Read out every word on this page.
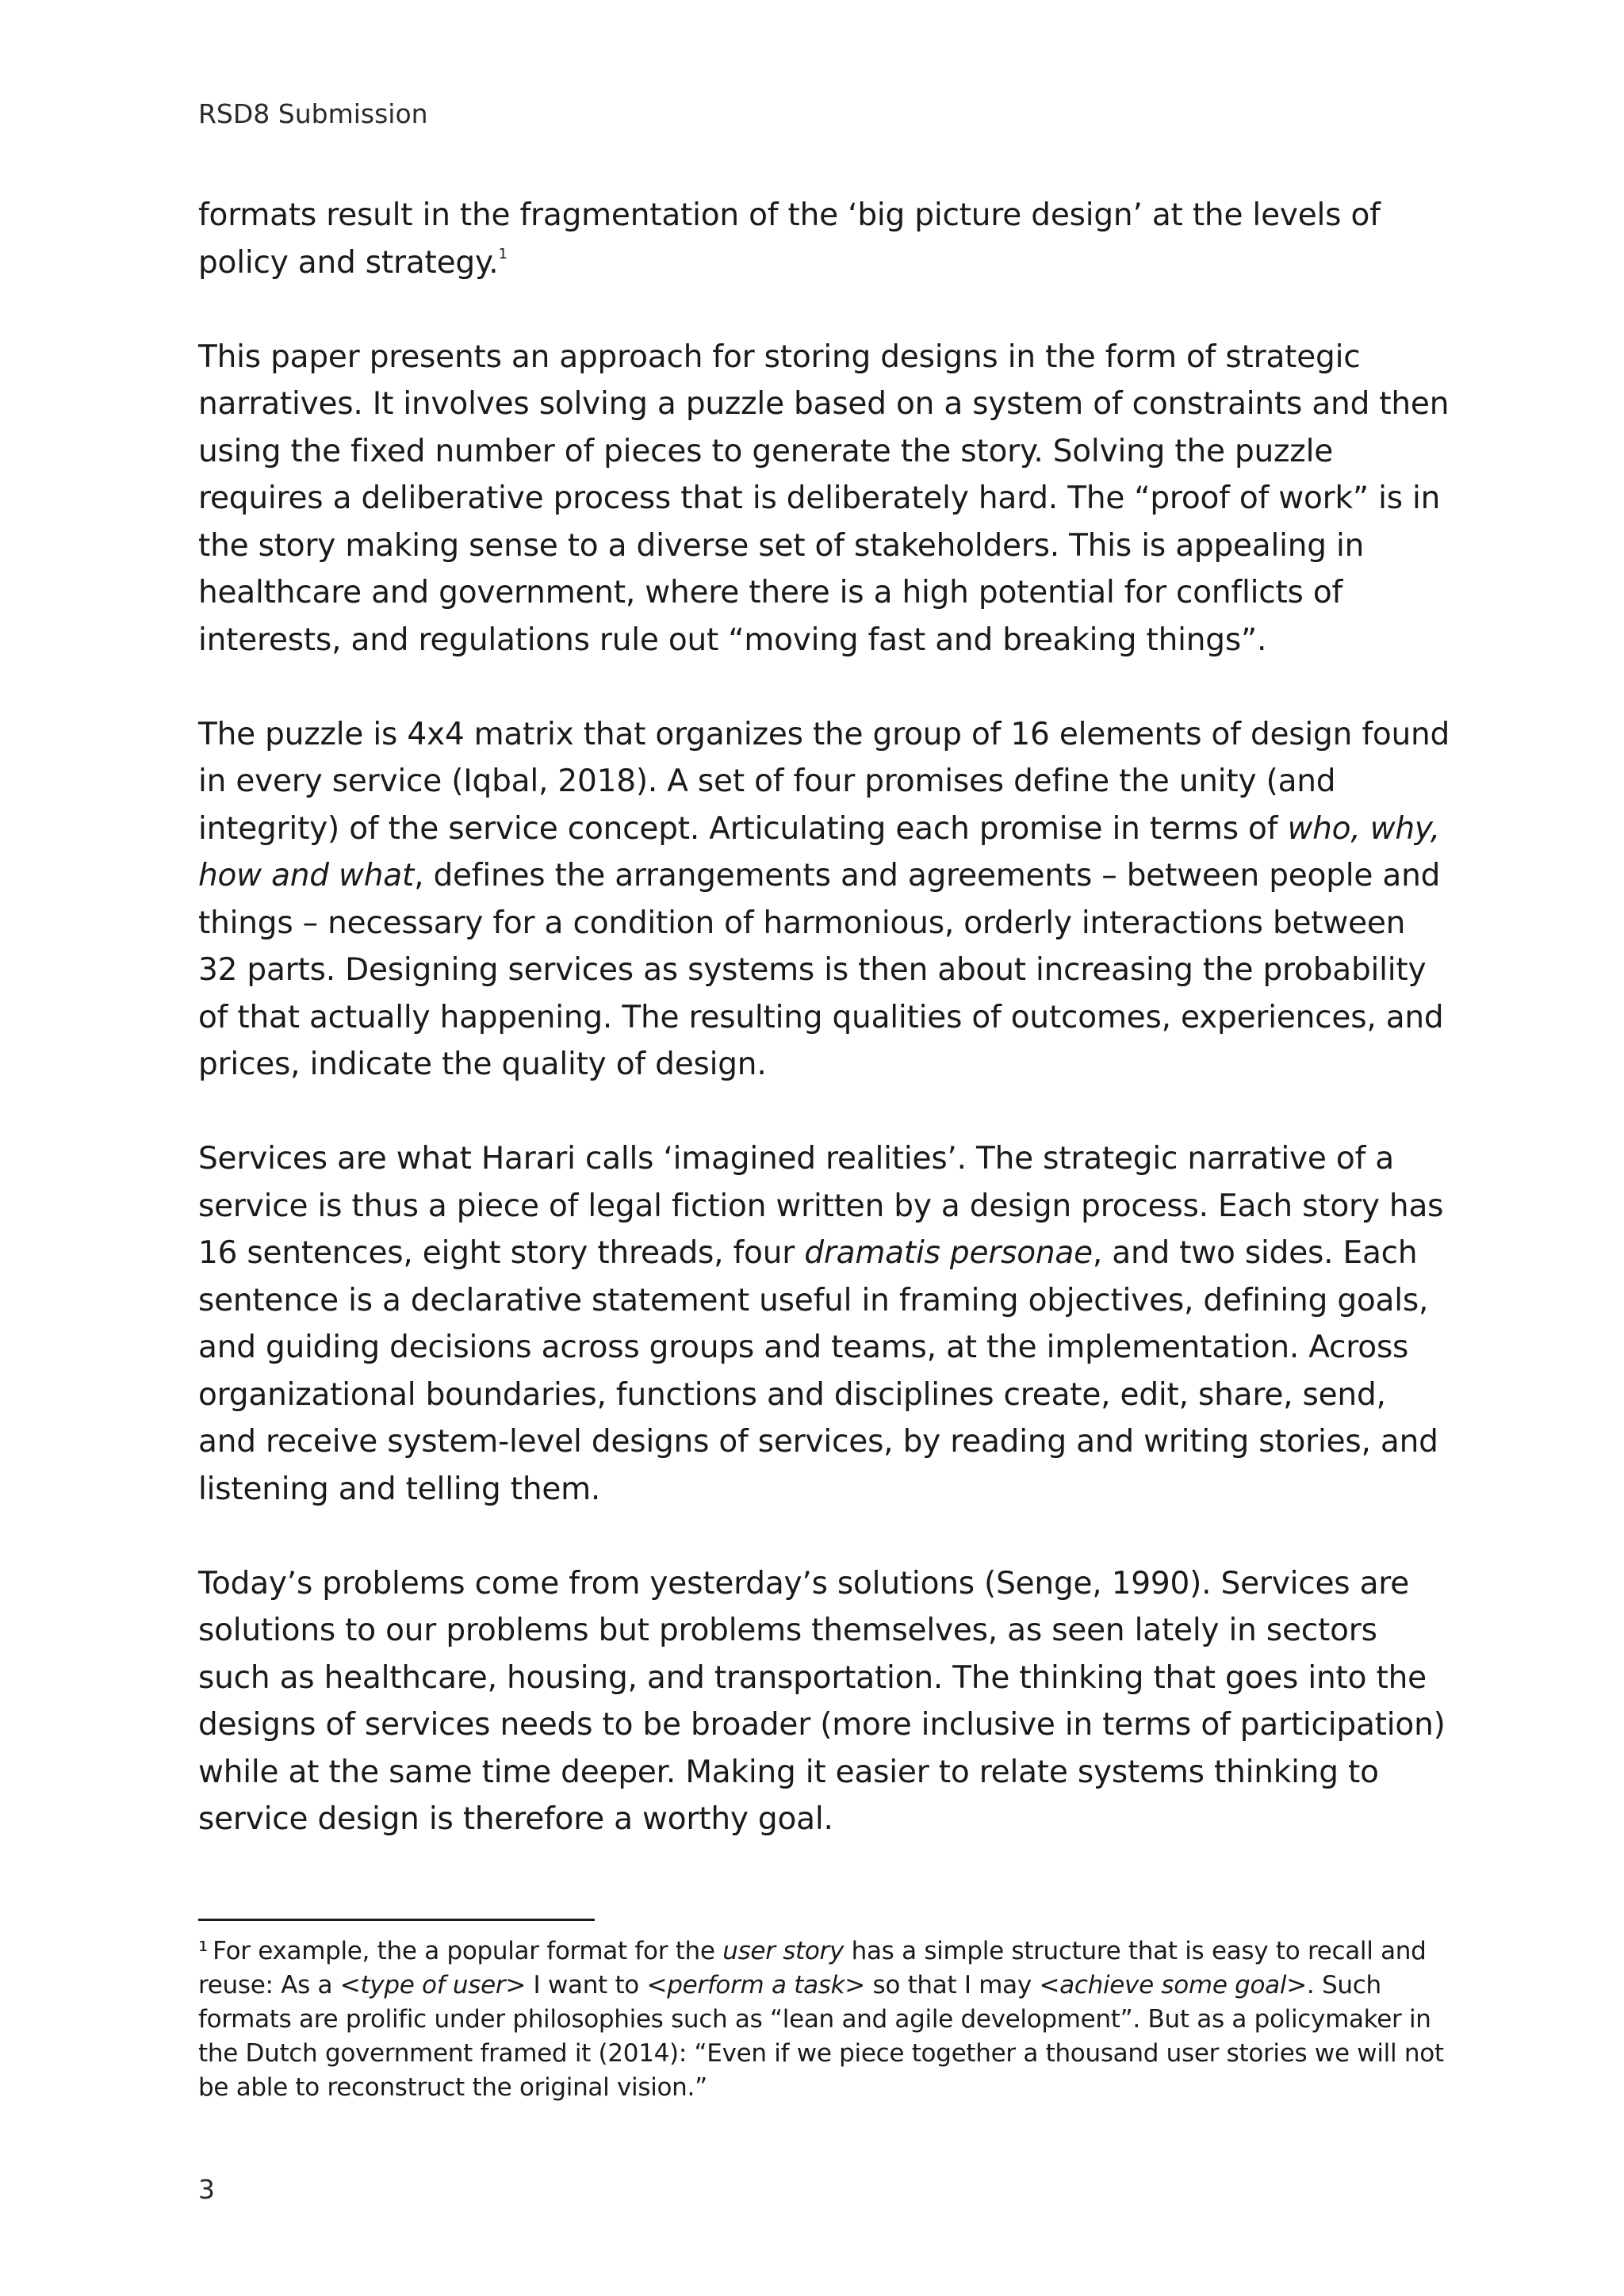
RSD8 Submission

formats result in the fragmentation of the ‘big picture design’ at the levels of policy and strategy.$^1$

This paper presents an approach for storing designs in the form of strategic narratives. It involves solving a puzzle based on a system of constraints and then using the fixed number of pieces to generate the story. Solving the puzzle requires a deliberative process that is deliberately hard. The “proof of work” is in the story making sense to a diverse set of stakeholders. This is appealing in healthcare and government, where there is a high potential for conflicts of interests, and regulations rule out “moving fast and breaking things”.

The puzzle is 4x4 matrix that organizes the group of 16 elements of design found in every service (Iqbal, 2018). A set of four promises define the unity (and integrity) of the service concept. Articulating each promise in terms of who, why, how and what, defines the arrangements and agreements – between people and things – necessary for a condition of harmonious, orderly interactions between 32 parts. Designing services as systems is then about increasing the probability of that actually happening. The resulting qualities of outcomes, experiences, and prices, indicate the quality of design.

Services are what Harari calls ‘imagined realities’. The strategic narrative of a service is thus a piece of legal fiction written by a design process. Each story has 16 sentences, eight story threads, four dramatis personae, and two sides. Each sentence is a declarative statement useful in framing objectives, defining goals, and guiding decisions across groups and teams, at the implementation. Across organizational boundaries, functions and disciplines create, edit, share, send, and receive system-level designs of services, by reading and writing stories, and listening and telling them.

Today’s problems come from yesterday’s solutions (Senge, 1990). Services are solutions to our problems but problems themselves, as seen lately in sectors such as healthcare, housing, and transportation. The thinking that goes into the designs of services needs to be broader (more inclusive in terms of participation) while at the same time deeper. Making it easier to relate systems thinking to service design is therefore a worthy goal.

¹ For example, the a popular format for the user story has a simple structure that is easy to recall and reuse: As a <type of user> I want to <perform a task> so that I may <achieve some goal>. Such formats are prolific under philosophies such as “lean and agile development”. But as a policymaker in the Dutch government framed it (2014): “Even if we piece together a thousand user stories we will not be able to reconstruct the original vision.”
3
